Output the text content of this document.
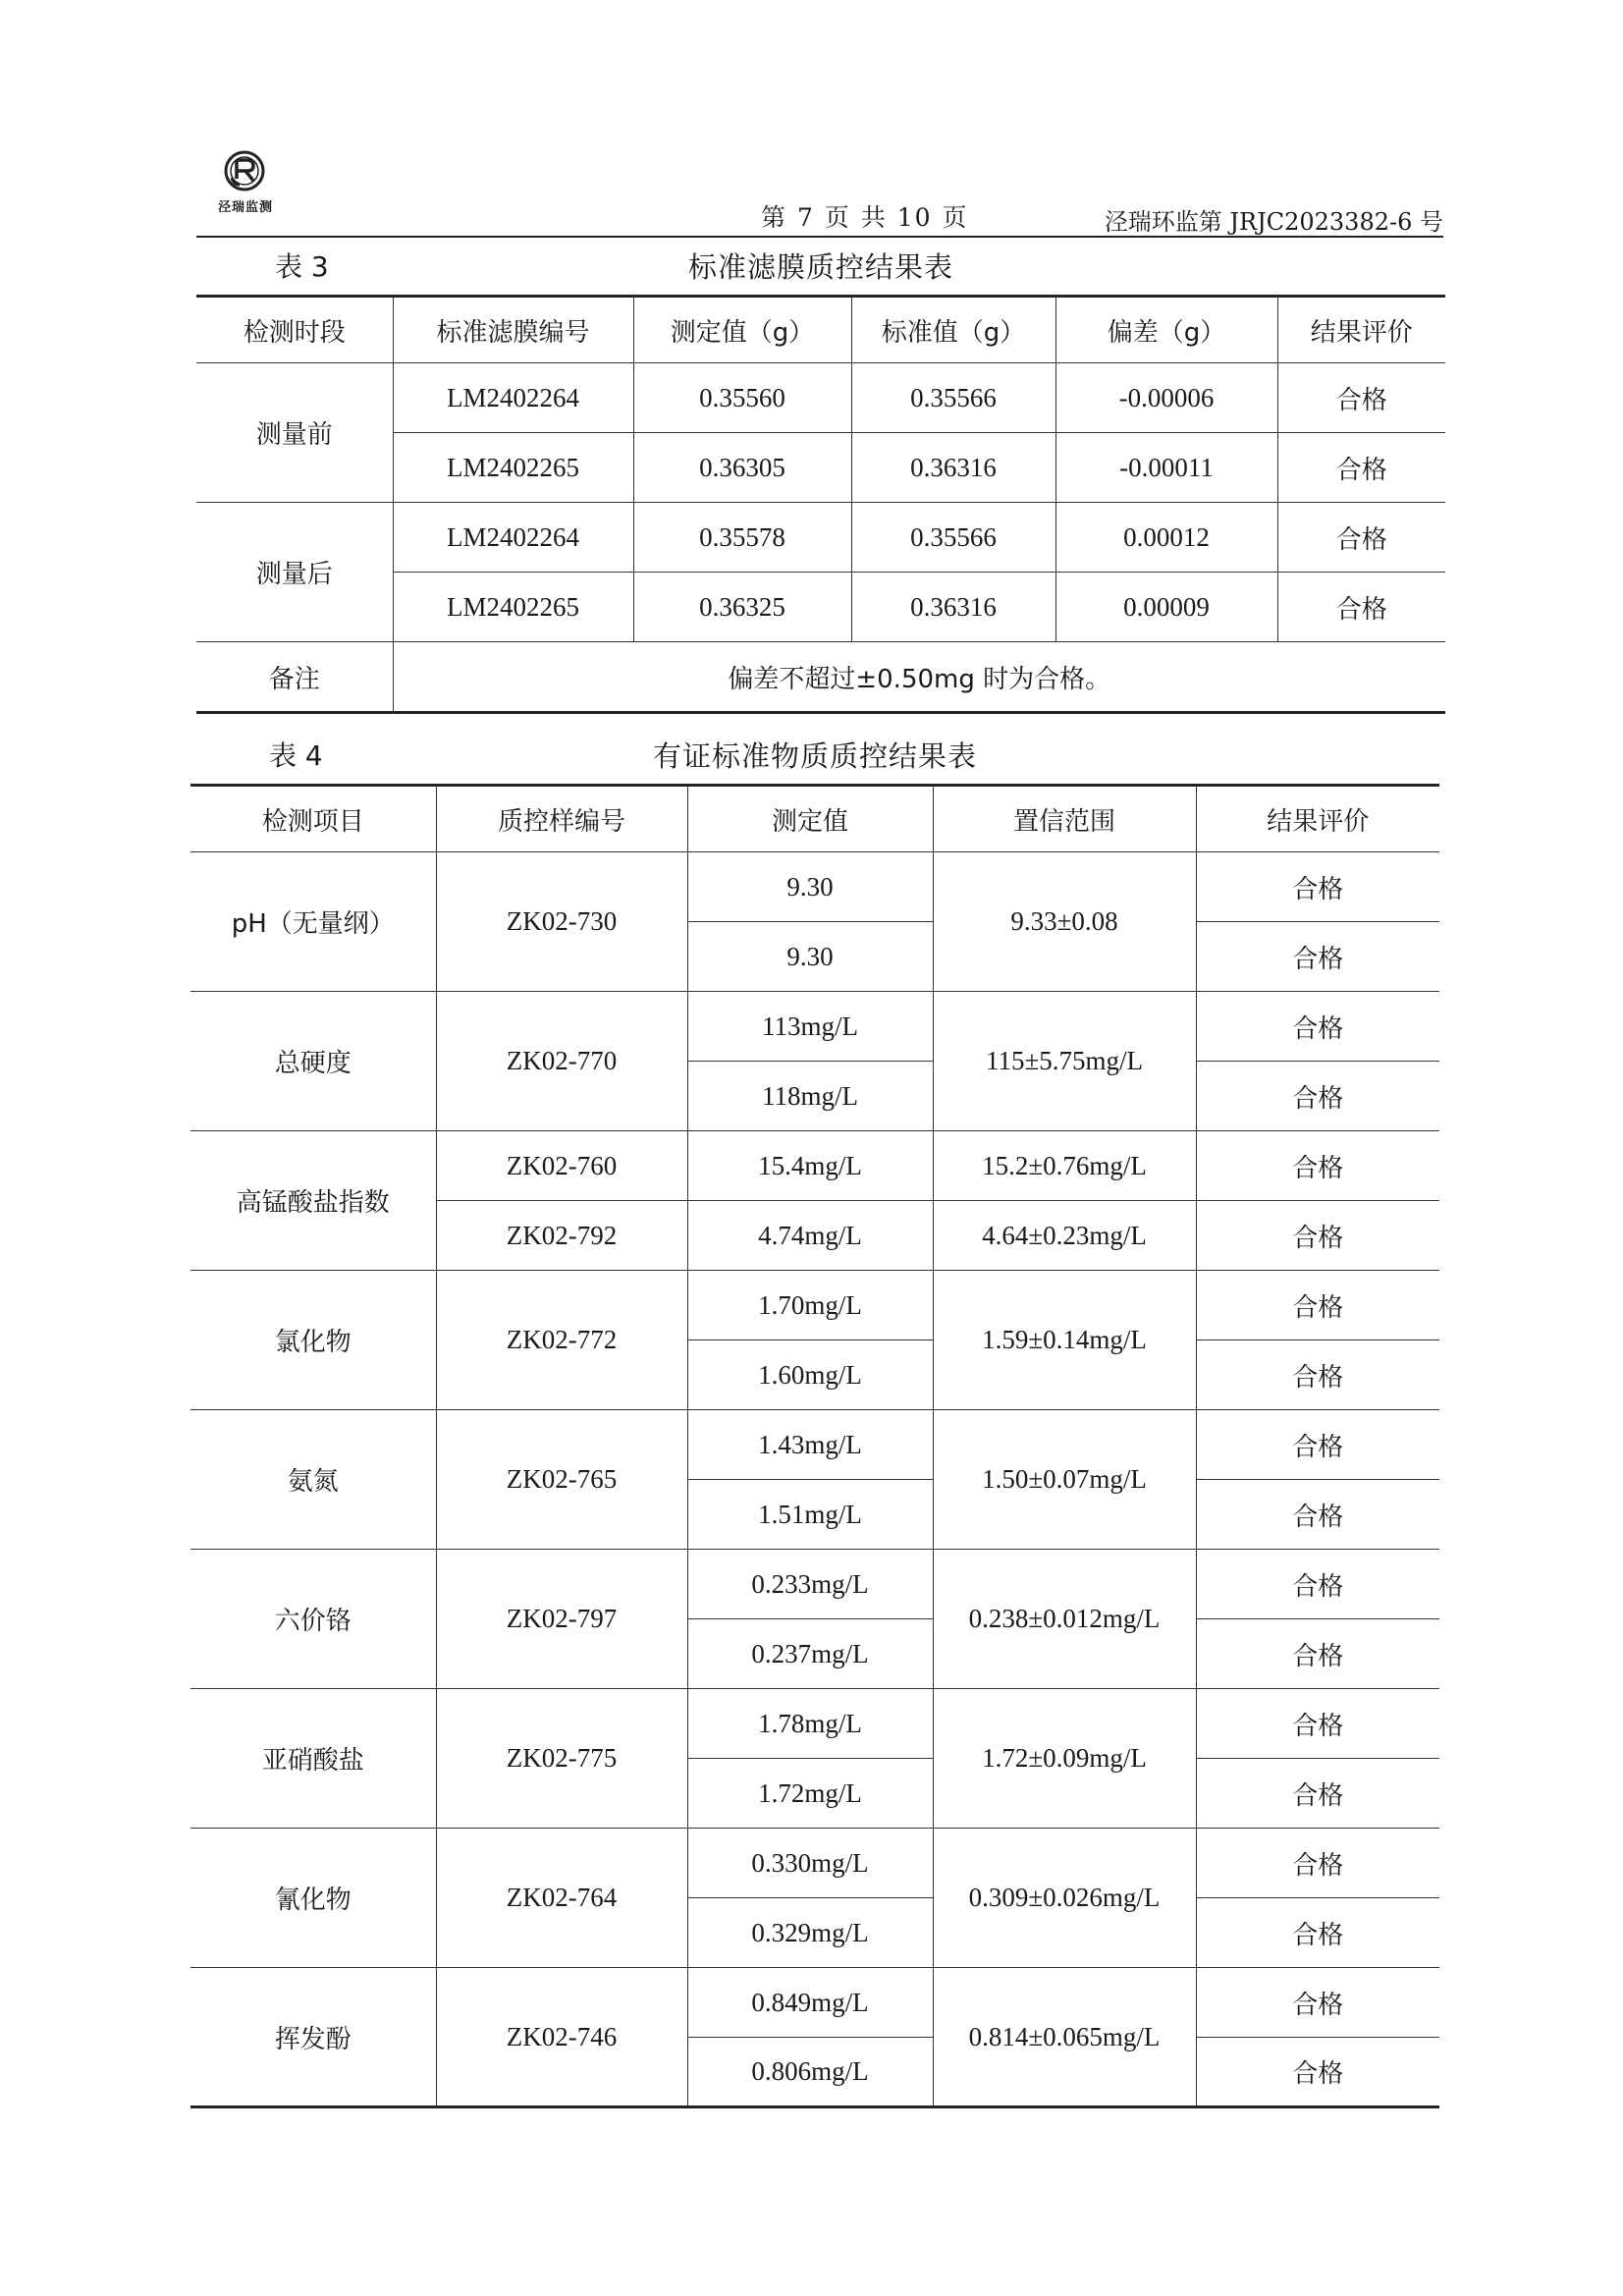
泾瑞监测	第 7 页 共 10 页	泾瑞环监第 JRJC2023382-6 号
表 3	标准滤膜质控结果表
检测时段	标准滤膜编号	测定值（g）	标准值（g）	偏差（g）	结果评价
测量前	LM2402264	0.35560	0.35566	-0.00006	合格
	LM2402265	0.36305	0.36316	-0.00011	合格
测量后	LM2402264	0.35578	0.35566	0.00012	合格
	LM2402265	0.36325	0.36316	0.00009	合格
备注	偏差不超过±0.50mg 时为合格。				
表 4	有证标准物质质控结果表
检测项目	质控样编号	测定值	置信范围	结果评价
pH（无量纲）	ZK02-730	9.30	9.33±0.08	合格
		9.30		合格
总硬度	ZK02-770	113mg/L	115±5.75mg/L	合格
		118mg/L		合格
高锰酸盐指数	ZK02-760	15.4mg/L	15.2±0.76mg/L	合格
	ZK02-792	4.74mg/L	4.64±0.23mg/L	合格
氯化物	ZK02-772	1.70mg/L	1.59±0.14mg/L	合格
		1.60mg/L		合格
氨氮	ZK02-765	1.43mg/L	1.50±0.07mg/L	合格
		1.51mg/L		合格
六价铬	ZK02-797	0.233mg/L	0.238±0.012mg/L	合格
		0.237mg/L		合格
亚硝酸盐	ZK02-775	1.78mg/L	1.72±0.09mg/L	合格
		1.72mg/L		合格
氰化物	ZK02-764	0.330mg/L	0.309±0.026mg/L	合格
		0.329mg/L		合格
挥发酚	ZK02-746	0.849mg/L	0.814±0.065mg/L	合格
		0.806mg/L		合格
